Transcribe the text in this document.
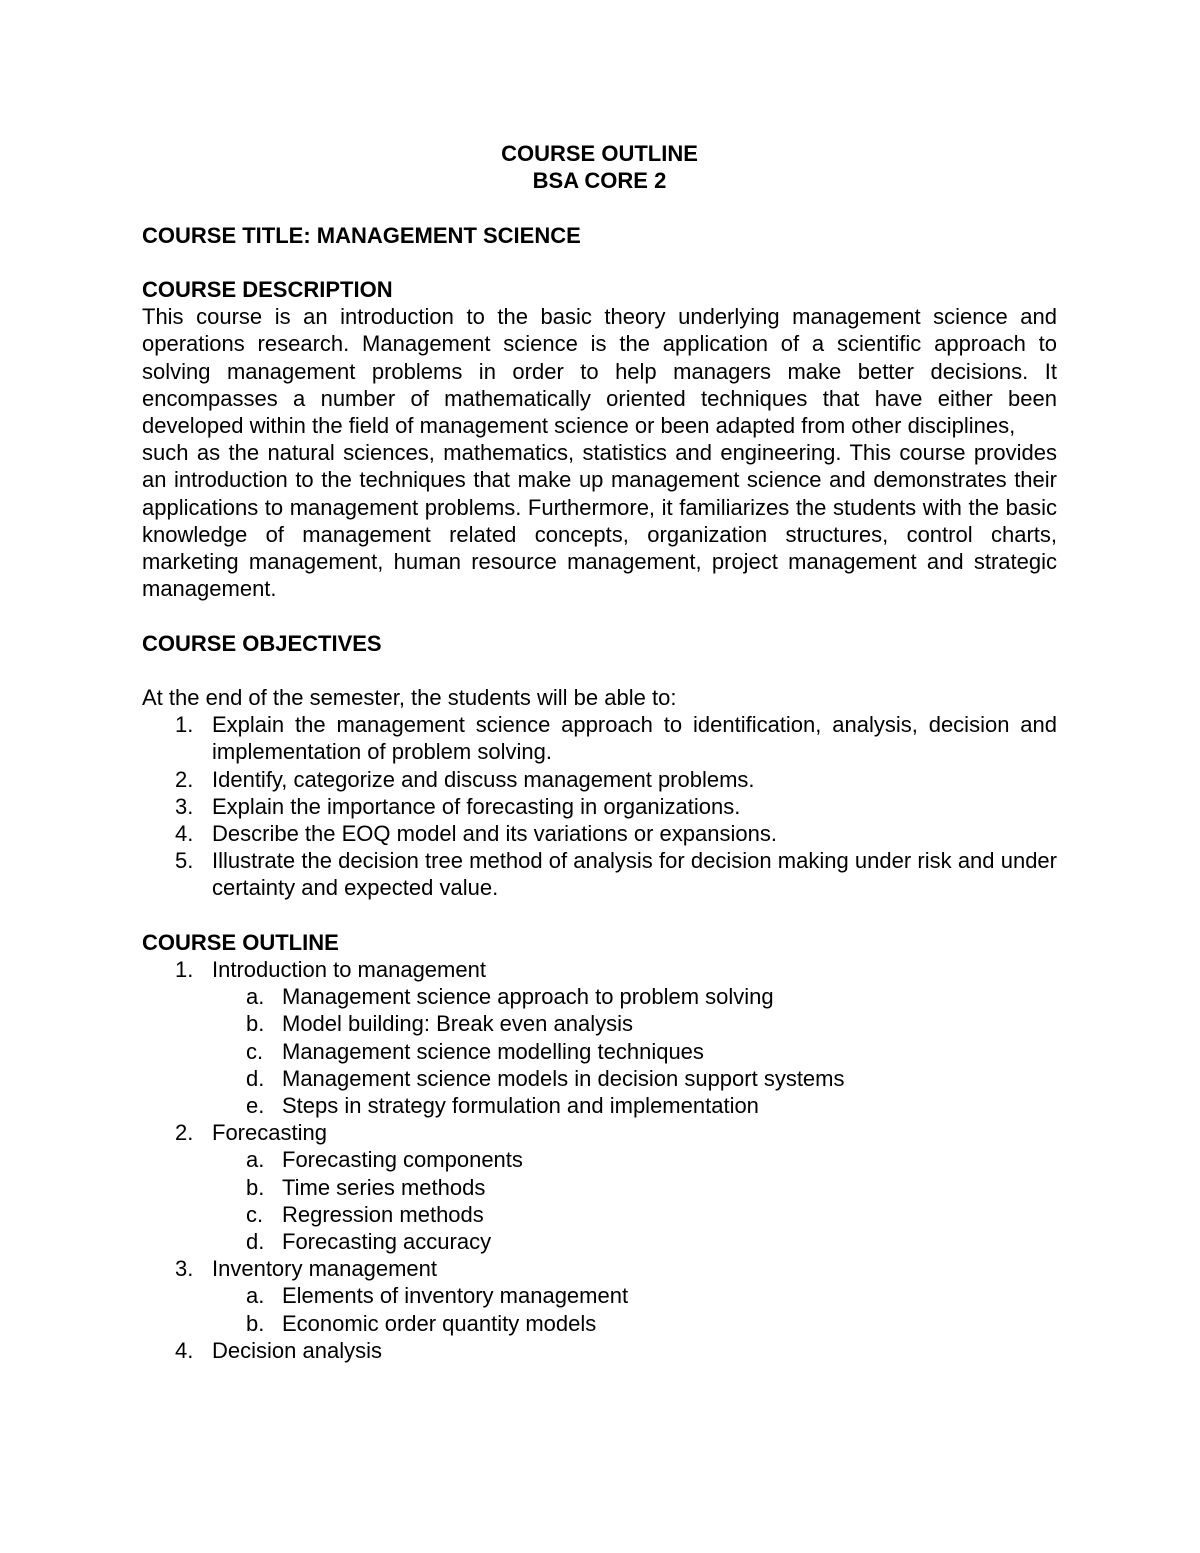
COURSE OUTLINE
BSA CORE 2
COURSE TITLE: MANAGEMENT SCIENCE
COURSE DESCRIPTION

This course is an introduction to the basic theory underlying management science and operations research. Management science is the application of a scientific approach to solving management problems in order to help managers make better decisions. It encompasses a number of mathematically oriented techniques that have either been developed within the field of management science or been adapted from other disciplines,

such as the natural sciences, mathematics, statistics and engineering. This course provides an introduction to the techniques that make up management science and demonstrates their applications to management problems. Furthermore, it familiarizes the students with the basic knowledge of management related concepts, organization structures, control charts, marketing management, human resource management, project management and strategic management.

COURSE OBJECTIVES
At the end of the semester, the students will be able to:
1. Explain the management science approach to identification, analysis, decision and implementation of problem solving.
2. Identify, categorize and discuss management problems.
3. Explain the importance of forecasting in organizations.
4. Describe the EOQ model and its variations or expansions.
5. Illustrate the decision tree method of analysis for decision making under risk and under certainty and expected value.
COURSE OUTLINE
1. Introduction to management
a. Management science approach to problem solving
b. Model building: Break even analysis
c. Management science modelling techniques
d. Management science models in decision support systems
e. Steps in strategy formulation and implementation
2. Forecasting
a. Forecasting components
b. Time series methods
c. Regression methods
d. Forecasting accuracy
3. Inventory management
a. Elements of inventory management
b. Economic order quantity models
4. Decision analysis
